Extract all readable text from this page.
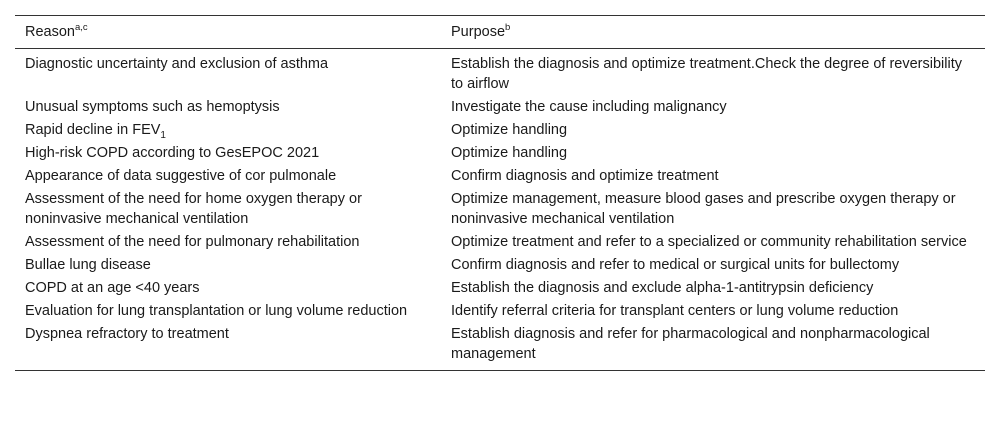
Reason$^{a,c}$	Purpose$^b$
Diagnostic uncertainty and exclusion of asthma	Establish the diagnosis and optimize treatment.Check the degree of reversibility to airflow
Unusual symptoms such as hemoptysis	Investigate the cause including malignancy
Rapid decline in $FEV_1$	Optimize handling
High-risk COPD according to GesEPOC 2021	Optimize handling
Appearance of data suggestive of cor pulmonale	Confirm diagnosis and optimize treatment
Assessment of the need for home oxygen therapy or noninvasive mechanical ventilation	Optimize management, measure blood gases and prescribe oxygen therapy or noninvasive mechanical ventilation
Assessment of the need for pulmonary rehabilitation	Optimize treatment and refer to a specialized or community rehabilitation service
Bullae lung disease	Confirm diagnosis and refer to medical or surgical units for bullectomy
COPD at an age <40 years	Establish the diagnosis and exclude alpha-1-antitrypsin deficiency
Evaluation for lung transplantation or lung volume reduction	Identify referral criteria for transplant centers or lung volume reduction
Dyspnea refractory to treatment	Establish diagnosis and refer for pharmacological and nonpharmacological management
